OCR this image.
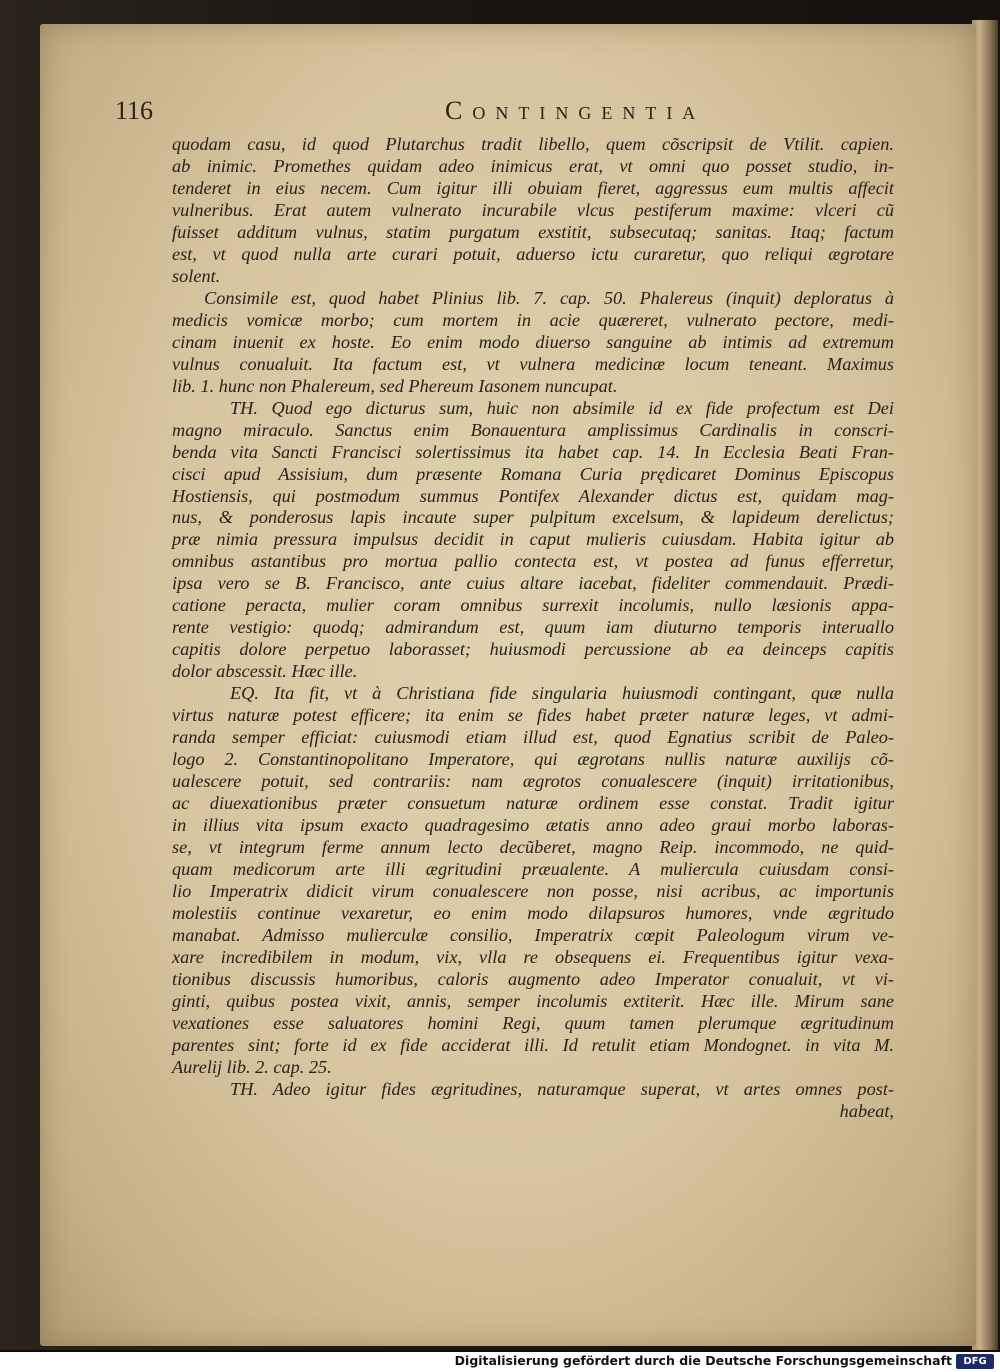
116	Contingentia
quodam casu, id quod Plutarchus tradit libello, quem cõscripsit de Vtilit. capien.
ab inimic. Promethes quidam adeo inimicus erat, vt omni quo posset studio, in-
tenderet in eius necem. Cum igitur illi obuiam fieret, aggressus eum multis affecit
vulneribus. Erat autem vulnerato incurabile vlcus pestiferum maxime: vlceri cũ
fuisset additum vulnus, statim purgatum exstitit, subsecutaq; sanitas. Itaq; factum
est, vt quod nulla arte curari potuit, aduerso ictu curaretur, quo reliqui ægrotare
solent.
Consimile est, quod habet Plinius lib. 7. cap. 50. Phalereus (inquit) deploratus à
medicis vomicæ morbo; cum mortem in acie quæreret, vulnerato pectore, medi-
cinam inuenit ex hoste. Eo enim modo diuerso sanguine ab intimis ad extremum
vulnus conualuit. Ita factum est, vt vulnera medicinæ locum teneant. Maximus
lib. 1. hunc non Phalereum, sed Phereum Iasonem nuncupat.
TH. Quod ego dicturus sum, huic non absimile id ex fide profectum est Dei
magno miraculo. Sanctus enim Bonauentura amplissimus Cardinalis in conscri-
benda vita Sancti Francisci solertissimus ita habet cap. 14. In Ecclesia Beati Fran-
cisci apud Assisium, dum præsente Romana Curia prędicaret Dominus Episcopus
Hostiensis, qui postmodum summus Pontifex Alexander dictus est, quidam mag-
nus, & ponderosus lapis incaute super pulpitum excelsum, & lapideum derelictus;
præ nimia pressura impulsus decidit in caput mulieris cuiusdam. Habita igitur ab
omnibus astantibus pro mortua pallio contecta est, vt postea ad funus efferretur,
ipsa vero se B. Francisco, ante cuius altare iacebat, fideliter commendauit. Prædi-
catione peracta, mulier coram omnibus surrexit incolumis, nullo læsionis appa-
rente vestigio: quodq; admirandum est, quum iam diuturno temporis interuallo
capitis dolore perpetuo laborasset; huiusmodi percussione ab ea deinceps capitis
dolor abscessit. Hæc ille.
EQ. Ita fit, vt à Christiana fide singularia huiusmodi contingant, quæ nulla
virtus naturæ potest efficere; ita enim se fides habet præter naturæ leges, vt admi-
randa semper efficiat: cuiusmodi etiam illud est, quod Egnatius scribit de Paleo-
logo 2. Constantinopolitano Imperatore, qui ægrotans nullis naturæ auxilijs cõ-
ualescere potuit, sed contrariis: nam ægrotos conualescere (inquit) irritationibus,
ac diuexationibus præter consuetum naturæ ordinem esse constat. Tradit igitur
in illius vita ipsum exacto quadragesimo ætatis anno adeo graui morbo laboras-
se, vt integrum ferme annum lecto decũberet, magno Reip. incommodo, ne quid-
quam medicorum arte illi ægritudini præualente. A muliercula cuiusdam consi-
lio Imperatrix didicit virum conualescere non posse, nisi acribus, ac importunis
molestiis continue vexaretur, eo enim modo dilapsuros humores, vnde ægritudo
manabat. Admisso mulierculæ consilio, Imperatrix cœpit Paleologum virum ve-
xare incredibilem in modum, vix, vlla re obsequens ei. Frequentibus igitur vexa-
tionibus discussis humoribus, caloris augmento adeo Imperator conualuit, vt vi-
ginti, quibus postea vixit, annis, semper incolumis extiterit. Hæc ille. Mirum sane
vexationes esse saluatores homini Regi, quum tamen plerumque ægritudinum
parentes sint; forte id ex fide acciderat illi. Id retulit etiam Mondognet. in vita M.
Aurelij lib. 2. cap. 25.
TH. Adeo igitur fides ægritudines, naturamque superat, vt artes omnes post-
habeat,
Digitalisierung gefördert durch die Deutsche Forschungsgemeinschaft	DFG
